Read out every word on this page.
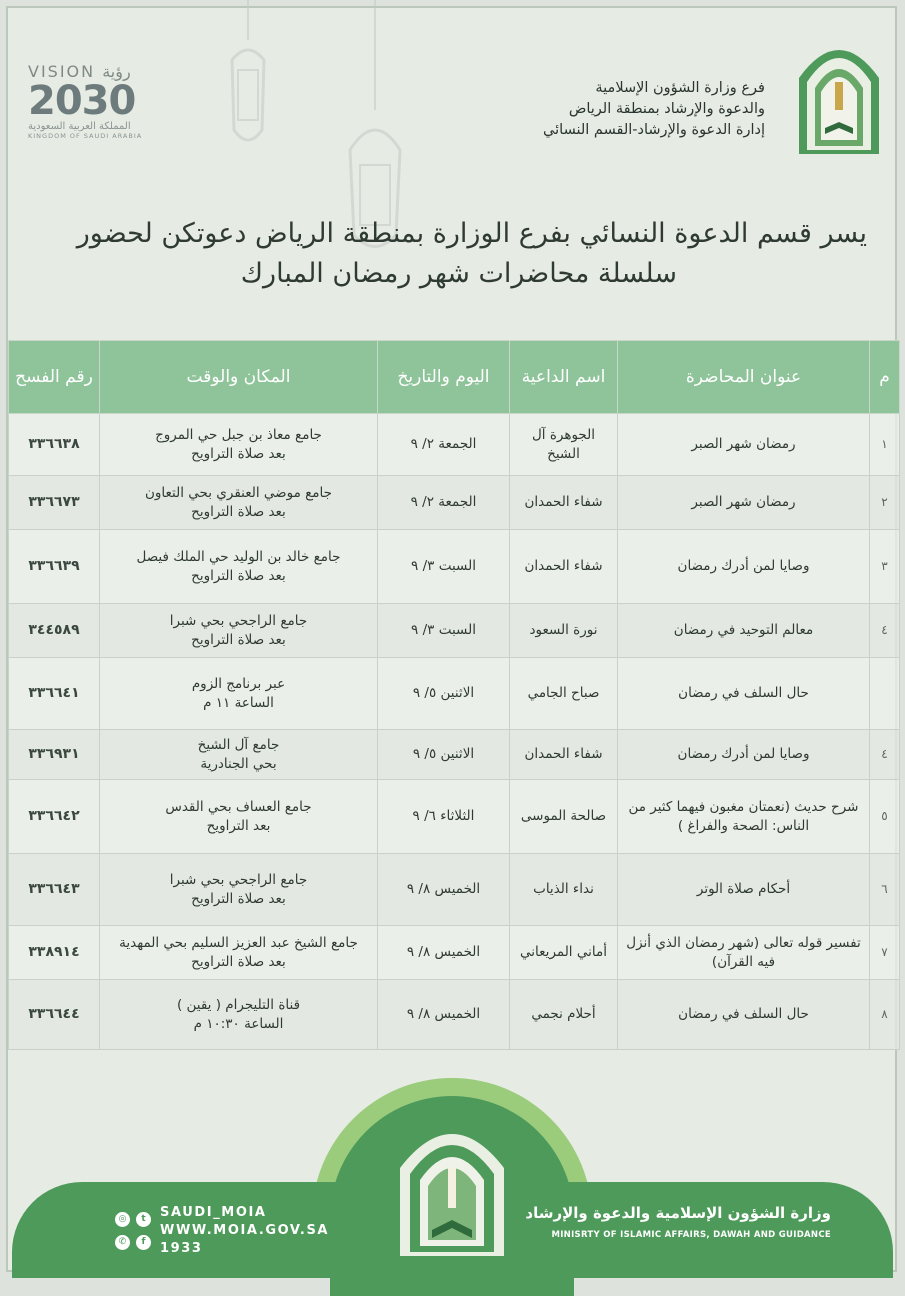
فرع وزارة الشؤون الإسلامية
والدعوة والإرشاد بمنطقة الرياض
إدارة الدعوة والإرشاد-القسم النسائي
VISION رؤية
2030
المملكة العربية السعودية
KINGDOM OF SAUDI ARABIA
يسر قسم الدعوة النسائي بفرع الوزارة بمنطقة الرياض دعوتكن لحضور
سلسلة محاضرات شهر رمضان المبارك
م	عنوان المحاضرة	اسم الداعية	اليوم والتاريخ	المكان والوقت	رقم الفسح
١	رمضان شهر الصبر	الجوهرة آل الشيخ	الجمعة ٢/ ٩	جامع معاذ بن جبل حي المروج
بعد صلاة التراويح	٣٣٦٦٣٨
٢	رمضان شهر الصبر	شفاء الحمدان	الجمعة ٢/ ٩	جامع موضي العنقري بحي التعاون
بعد صلاة التراويح	٣٣٦٦٧٣
٣	وصايا لمن أدرك رمضان	شفاء الحمدان	السبت ٣/ ٩	جامع خالد بن الوليد حي الملك فيصل
بعد صلاة التراويح	٣٣٦٦٣٩
٤	معالم التوحيد في رمضان	نورة السعود	السبت ٣/ ٩	جامع الراجحي بحي شبرا
بعد صلاة التراويح	٣٤٤٥٨٩
	حال السلف في رمضان	صباح الجامي	الاثنين ٥/ ٩	عبر برنامج الزوم
الساعة ١١ م	٣٣٦٦٤١
٤	وصايا لمن أدرك رمضان	شفاء الحمدان	الاثنين ٥/ ٩	جامع آل الشيخ
بحي الجنادرية	٣٣٦٩٣١
٥	شرح حديث (نعمتان مغبون فيهما كثير من الناس: الصحة والفراغ )	صالحة الموسى	الثلاثاء ٦/ ٩	جامع العساف بحي القدس
بعد التراويح	٣٣٦٦٤٢
٦	أحكام صلاة الوتر	نداء الذياب	الخميس ٨/ ٩	جامع الراجحي بحي شبرا
بعد صلاة التراويح	٣٣٦٦٤٣
٧	تفسير قوله تعالى (شهر رمضان الذي أنزل فيه القرآن)	أماني المريعاني	الخميس ٨/ ٩	جامع الشيخ عبد العزيز السليم بحي المهدية
بعد صلاة التراويح	٣٣٨٩١٤
٨	حال السلف في رمضان	أحلام نجمي	الخميس ٨/ ٩	قناة التليجرام ( يقين )
الساعة ١٠:٣٠ م	٣٣٦٦٤٤
وزارة الشؤون الإسلامية والدعوة والإرشاد
MINISRTY OF ISLAMIC AFFAIRS, DAWAH AND GUIDANCE
◎ t ✆ f
SAUDI_MOIA
WWW.MOIA.GOV.SA
1933
